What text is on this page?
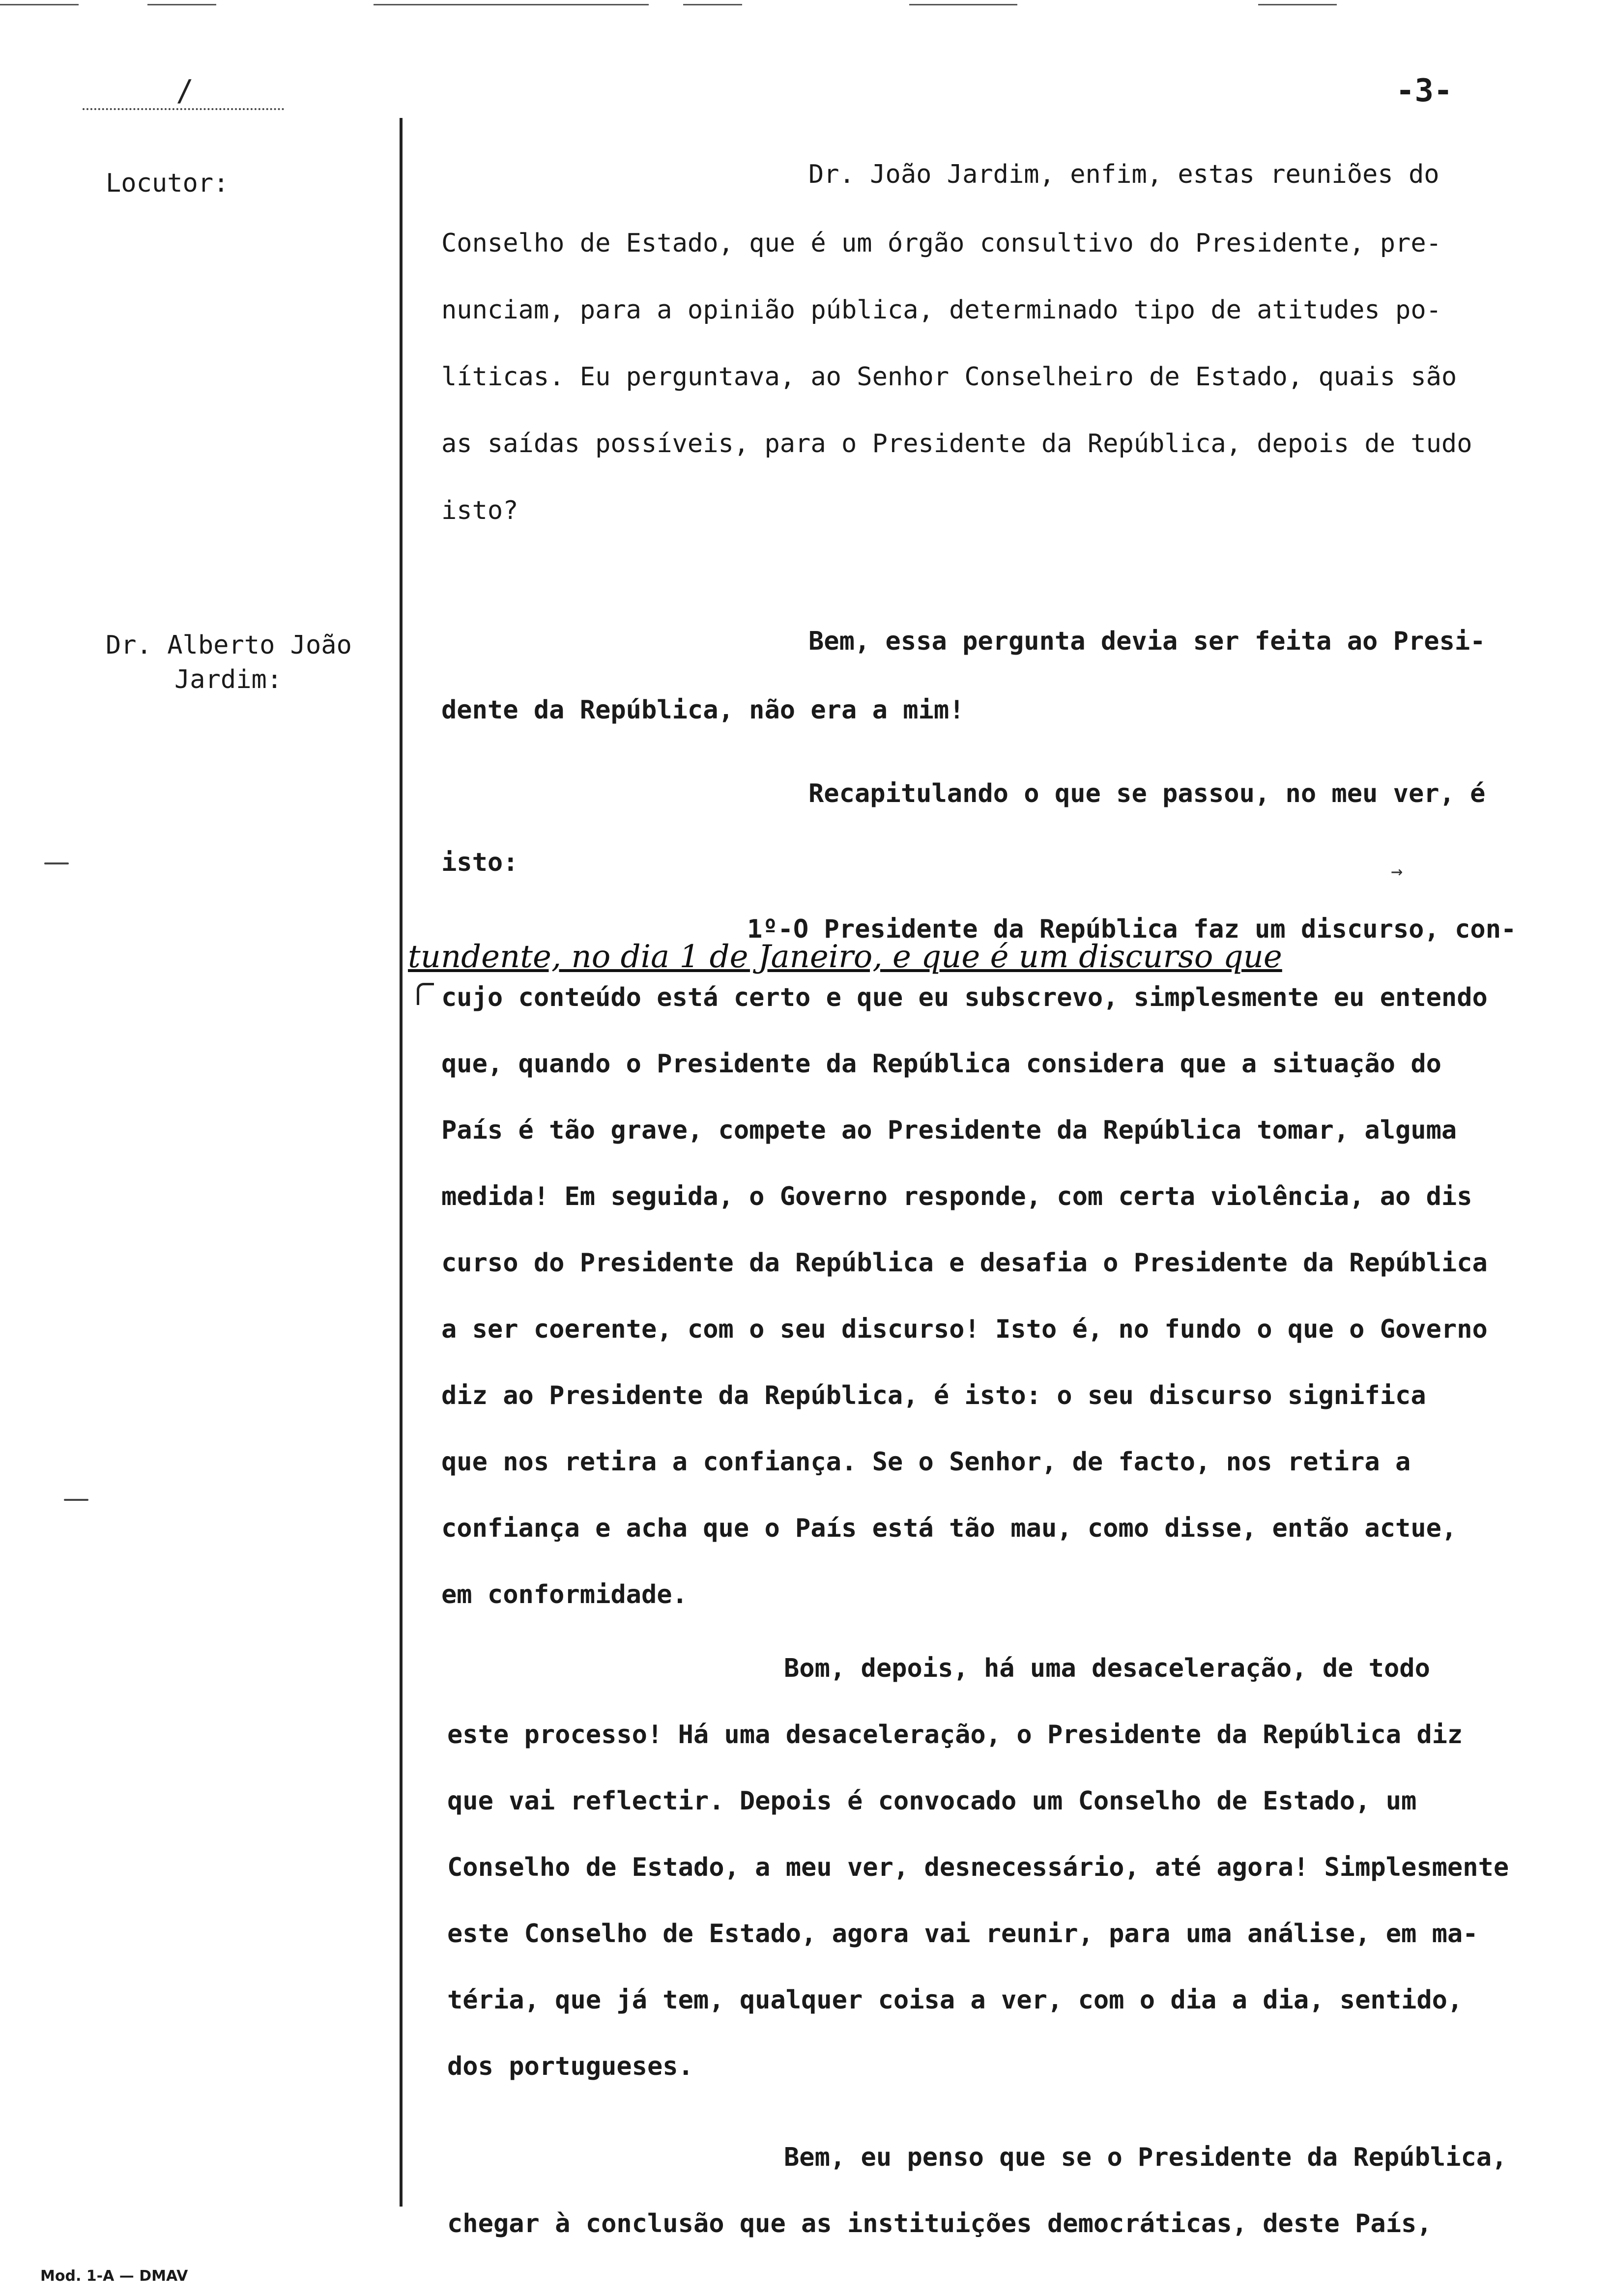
/	-3-
Locutor:
Dr. Alberto João
Jardim:
Dr. João Jardim, enfim, estas reuniões do
Conselho de Estado, que é um órgão consultivo do Presidente, pre-
nunciam, para a opinião pública, determinado tipo de atitudes po-
líticas. Eu perguntava, ao Senhor Conselheiro de Estado, quais são
as saídas possíveis, para o Presidente da República, depois de tudo
isto?
Bem, essa pergunta devia ser feita ao Presi-
dente da República, não era a mim!
Recapitulando o que se passou, no meu ver, é
isto:	→
1º-O Presidente da República faz um discurso, con-
tundente, no dia 1 de Janeiro, e que é um discurso que
cujo conteúdo está certo e que eu subscrevo, simplesmente eu entendo
que, quando o Presidente da República considera que a situação do
País é tão grave, compete ao Presidente da República tomar, alguma
medida! Em seguida, o Governo responde, com certa violência, ao dis
curso do Presidente da República e desafia o Presidente da República
a ser coerente, com o seu discurso! Isto é, no fundo o que o Governo
diz ao Presidente da República, é isto: o seu discurso significa
que nos retira a confiança. Se o Senhor, de facto, nos retira a
confiança e acha que o País está tão mau, como disse, então actue,
em conformidade.
Bom, depois, há uma desaceleração, de todo
este processo! Há uma desaceleração, o Presidente da República diz
que vai reflectir. Depois é convocado um Conselho de Estado, um
Conselho de Estado, a meu ver, desnecessário, até agora! Simplesmente
este Conselho de Estado, agora vai reunir, para uma análise, em ma-
téria, que já tem, qualquer coisa a ver, com o dia a dia, sentido,
dos portugueses.
Bem, eu penso que se o Presidente da República,
chegar à conclusão que as instituições democráticas, deste País,
Mod. 1-A — DMAV
